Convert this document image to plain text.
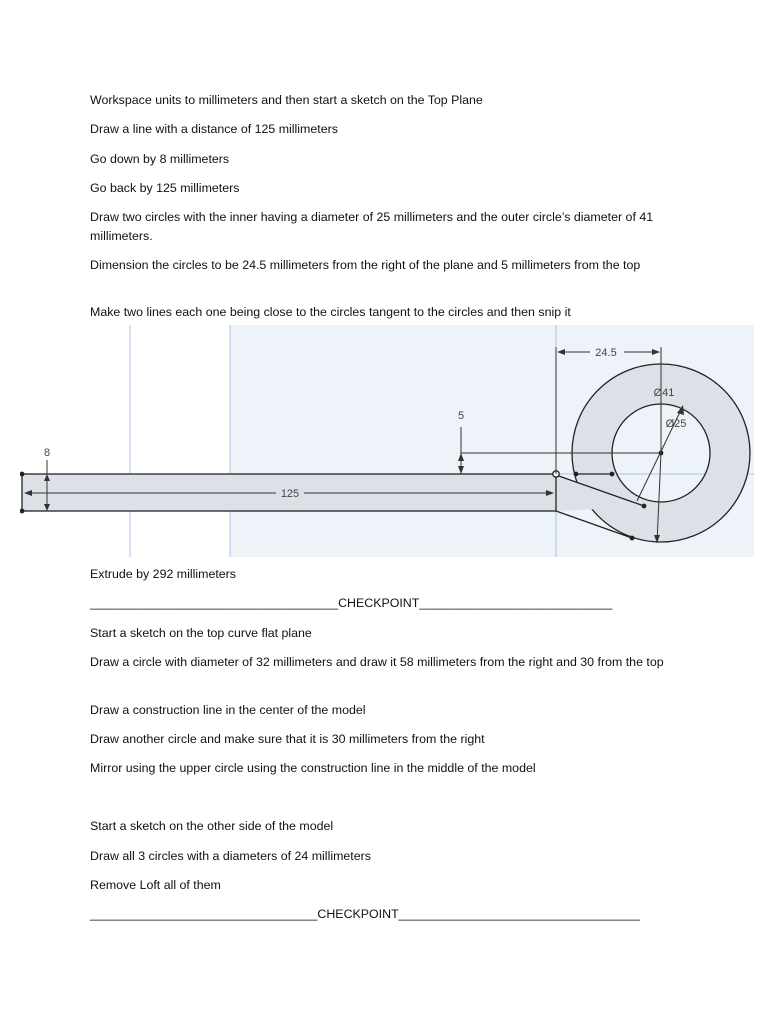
Workspace units to millimeters and then start a sketch on the Top Plane

Draw a line with a distance of 125 millimeters

Go down by 8 millimeters

Go back by 125 millimeters

Draw two circles with the inner having a diameter of 25 millimeters and the outer circle’s diameter of 41 millimeters.

Dimension the circles to be 24.5 millimeters from the right of the plane and 5 millimeters from the top

Make two lines each one being close to the circles tangent to the circles and then snip it

125
8
5
24.5
Ø41
Ø25

Extrude by 292 millimeters

____________________________________CHECKPOINT____________________________

Start a sketch on the top curve flat plane

Draw a circle with diameter of 32 millimeters and draw it 58 millimeters from the right and 30 from the top

Draw a construction line in the center of the model

Draw another circle and make sure that it is 30 millimeters from the right

Mirror using the upper circle using the construction line in the middle of the model

Start a sketch on the other side of the model

Draw all 3 circles with a diameters of 24 millimeters

Remove Loft all of them

_________________________________CHECKPOINT___________________________________
